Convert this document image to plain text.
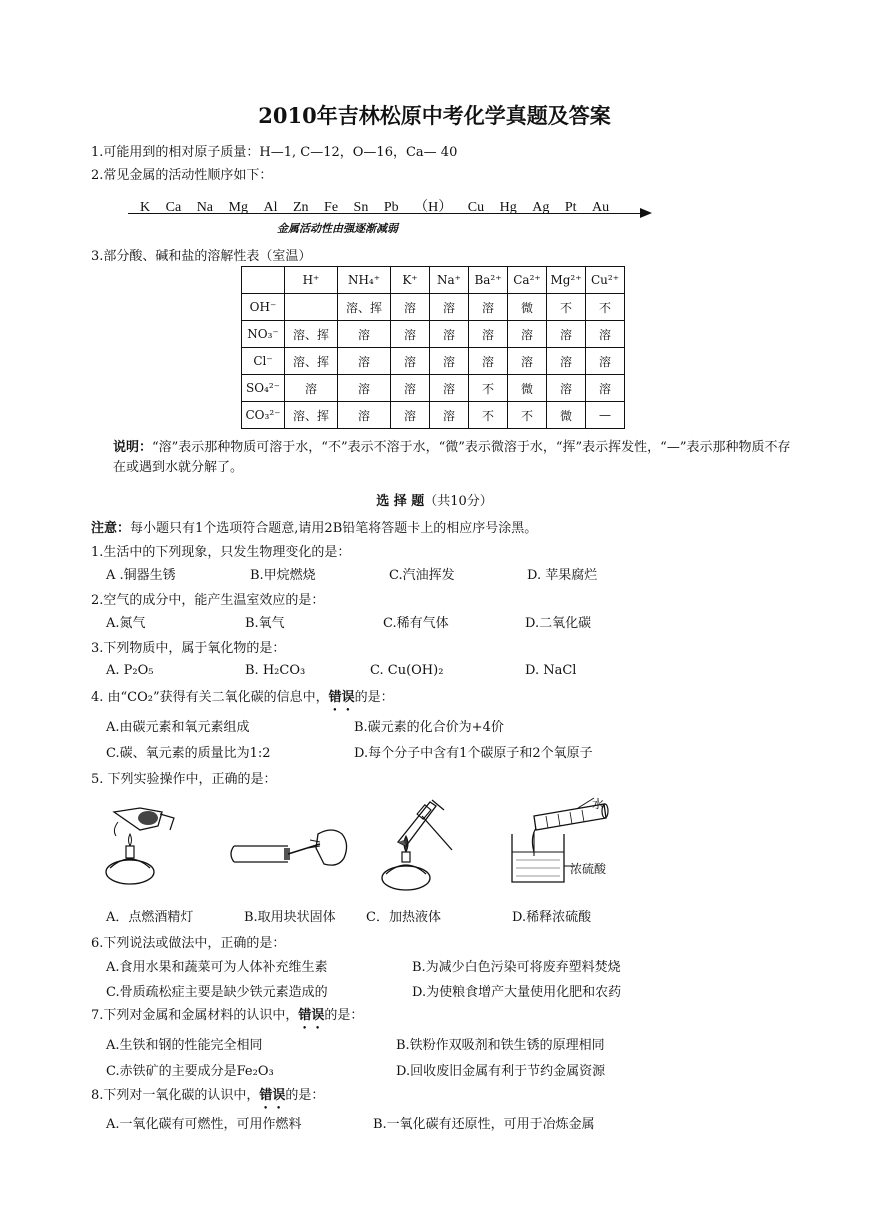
2010年吉林松原中考化学真题及答案
1.可能用到的相对原子质量：H—1, C—12，O—16，Ca— 40
2.常见金属的活动性顺序如下：
K Ca Na Mg Al Zn Fe Sn Pb （H） Cu Hg Ag Pt Au
金属活动性由强逐渐减弱
3.部分酸、碱和盐的溶解性表（室温）
	H⁺	NH₄⁺	K⁺	Na⁺	Ba²⁺	Ca²⁺	Mg²⁺	Cu²⁺
OH⁻		溶、挥	溶	溶	溶	微	不	不
NO₃⁻	溶、挥	溶	溶	溶	溶	溶	溶	溶
Cl⁻	溶、挥	溶	溶	溶	溶	溶	溶	溶
SO₄²⁻	溶	溶	溶	溶	不	微	溶	溶
CO₃²⁻	溶、挥	溶	溶	溶	不	不	微	—
说明：“溶”表示那种物质可溶于水，“不”表示不溶于水，“微”表示微溶于水，“挥”表示挥发性，“—”表示那种物质不存在或遇到水就分解了。
选 择 题（共10分）
注意：每小题只有1个选项符合题意,请用2B铅笔将答题卡上的相应序号涂黑。
1.生活中的下列现象，只发生物理变化的是：
A .铜器生锈	B.甲烷燃烧	C.汽油挥发	D. 苹果腐烂
2.空气的成分中，能产生温室效应的是：
A.氮气	B.氧气	C.稀有气体	D.二氧化碳
3.下列物质中，属于氧化物的是：
A. P₂O₅	B. H₂CO₃	C. Cu(OH)₂	D. NaCl
4. 由“CO₂”获得有关二氧化碳的信息中，错误的是：
A.由碳元素和氧元素组成	B.碳元素的化合价为+4价
C.碳、氧元素的质量比为1:2	D.每个分子中含有1个碳原子和2个氧原子
5. 下列实验操作中，正确的是：
水
浓硫酸
A．点燃酒精灯	B.取用块状固体 C．加热液体	D.稀释浓硫酸
6.下列说法或做法中，正确的是：
A.食用水果和蔬菜可为人体补充维生素	B.为减少白色污染可将废弃塑料焚烧
C.骨质疏松症主要是缺少铁元素造成的	D.为使粮食增产大量使用化肥和农药
7.下列对金属和金属材料的认识中，错误的是：
A.生铁和钢的性能完全相同	B.铁粉作双吸剂和铁生锈的原理相同
C.赤铁矿的主要成分是Fe₂O₃	D.回收废旧金属有利于节约金属资源
8.下列对一氧化碳的认识中，错误的是：
A.一氧化碳有可燃性，可用作燃料	B.一氧化碳有还原性，可用于冶炼金属
